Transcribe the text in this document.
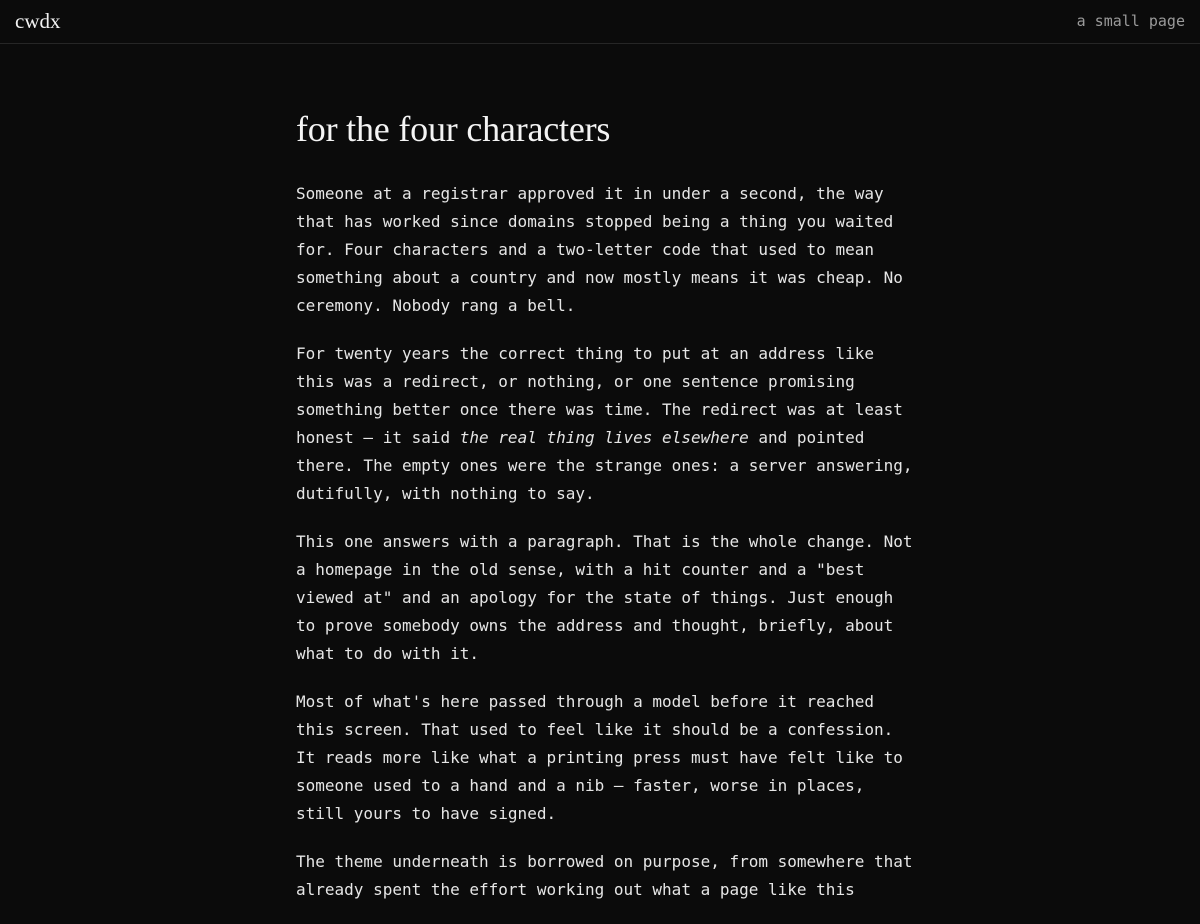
cwdx	a small page
for the four characters

Someone at a registrar approved it in under a second, the way that has worked since domains stopped being a thing you waited for. Four characters and a two-letter code that used to mean something about a country and now mostly means it was cheap. No ceremony. Nobody rang a bell.

For twenty years the correct thing to put at an address like this was a redirect, or nothing, or one sentence promising something better once there was time. The redirect was at least honest — it said the real thing lives elsewhere and pointed there. The empty ones were the strange ones: a server answering, dutifully, with nothing to say.

This one answers with a paragraph. That is the whole change. Not a homepage in the old sense, with a hit counter and a "best viewed at" and an apology for the state of things. Just enough to prove somebody owns the address and thought, briefly, about what to do with it.

Most of what's here passed through a model before it reached this screen. That used to feel like it should be a confession. It reads more like what a printing press must have felt like to someone used to a hand and a nib — faster, worse in places, still yours to have signed.

The theme underneath is borrowed on purpose, from somewhere that already spent the effort working out what a page like this
